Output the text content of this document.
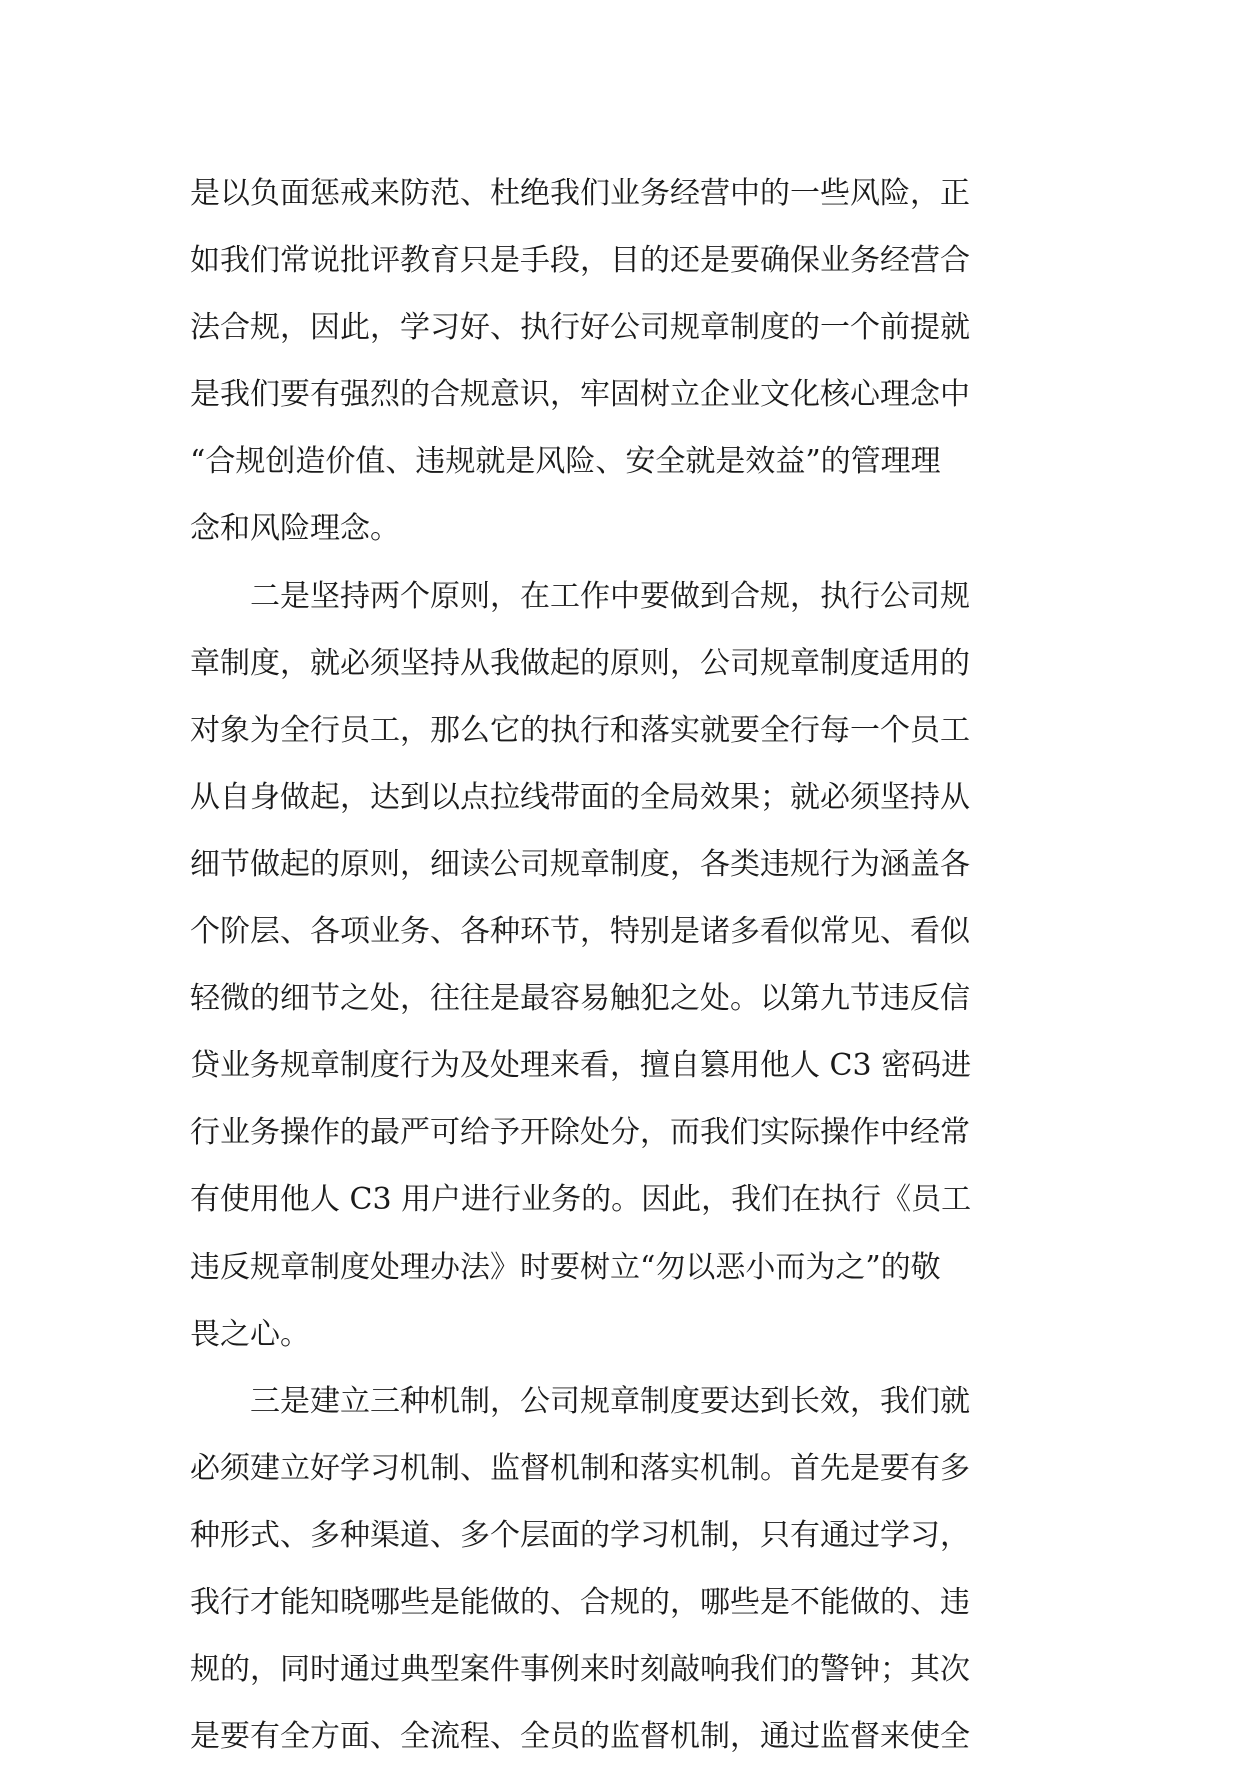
是以负面惩戒来防范、杜绝我们业务经营中的一些风险，正
如我们常说批评教育只是手段，目的还是要确保业务经营合
法合规，因此，学习好、执行好公司规章制度的一个前提就
是我们要有强烈的合规意识，牢固树立企业文化核心理念中
“合规创造价值、违规就是风险、安全就是效益”的管理理
念和风险理念。
二是坚持两个原则，在工作中要做到合规，执行公司规
章制度，就必须坚持从我做起的原则，公司规章制度适用的
对象为全行员工，那么它的执行和落实就要全行每一个员工
从自身做起，达到以点拉线带面的全局效果；就必须坚持从
细节做起的原则，细读公司规章制度，各类违规行为涵盖各
个阶层、各项业务、各种环节，特别是诸多看似常见、看似
轻微的细节之处，往往是最容易触犯之处。以第九节违反信
贷业务规章制度行为及处理来看，擅自篡用他人 C3 密码进
行业务操作的最严可给予开除处分，而我们实际操作中经常
有使用他人 C3 用户进行业务的。因此，我们在执行《员工
违反规章制度处理办法》时要树立“勿以恶小而为之”的敬
畏之心。
三是建立三种机制，公司规章制度要达到长效，我们就
必须建立好学习机制、监督机制和落实机制。首先是要有多
种形式、多种渠道、多个层面的学习机制，只有通过学习，
我行才能知晓哪些是能做的、合规的，哪些是不能做的、违
规的，同时通过典型案件事例来时刻敲响我们的警钟；其次
是要有全方面、全流程、全员的监督机制，通过监督来使全
